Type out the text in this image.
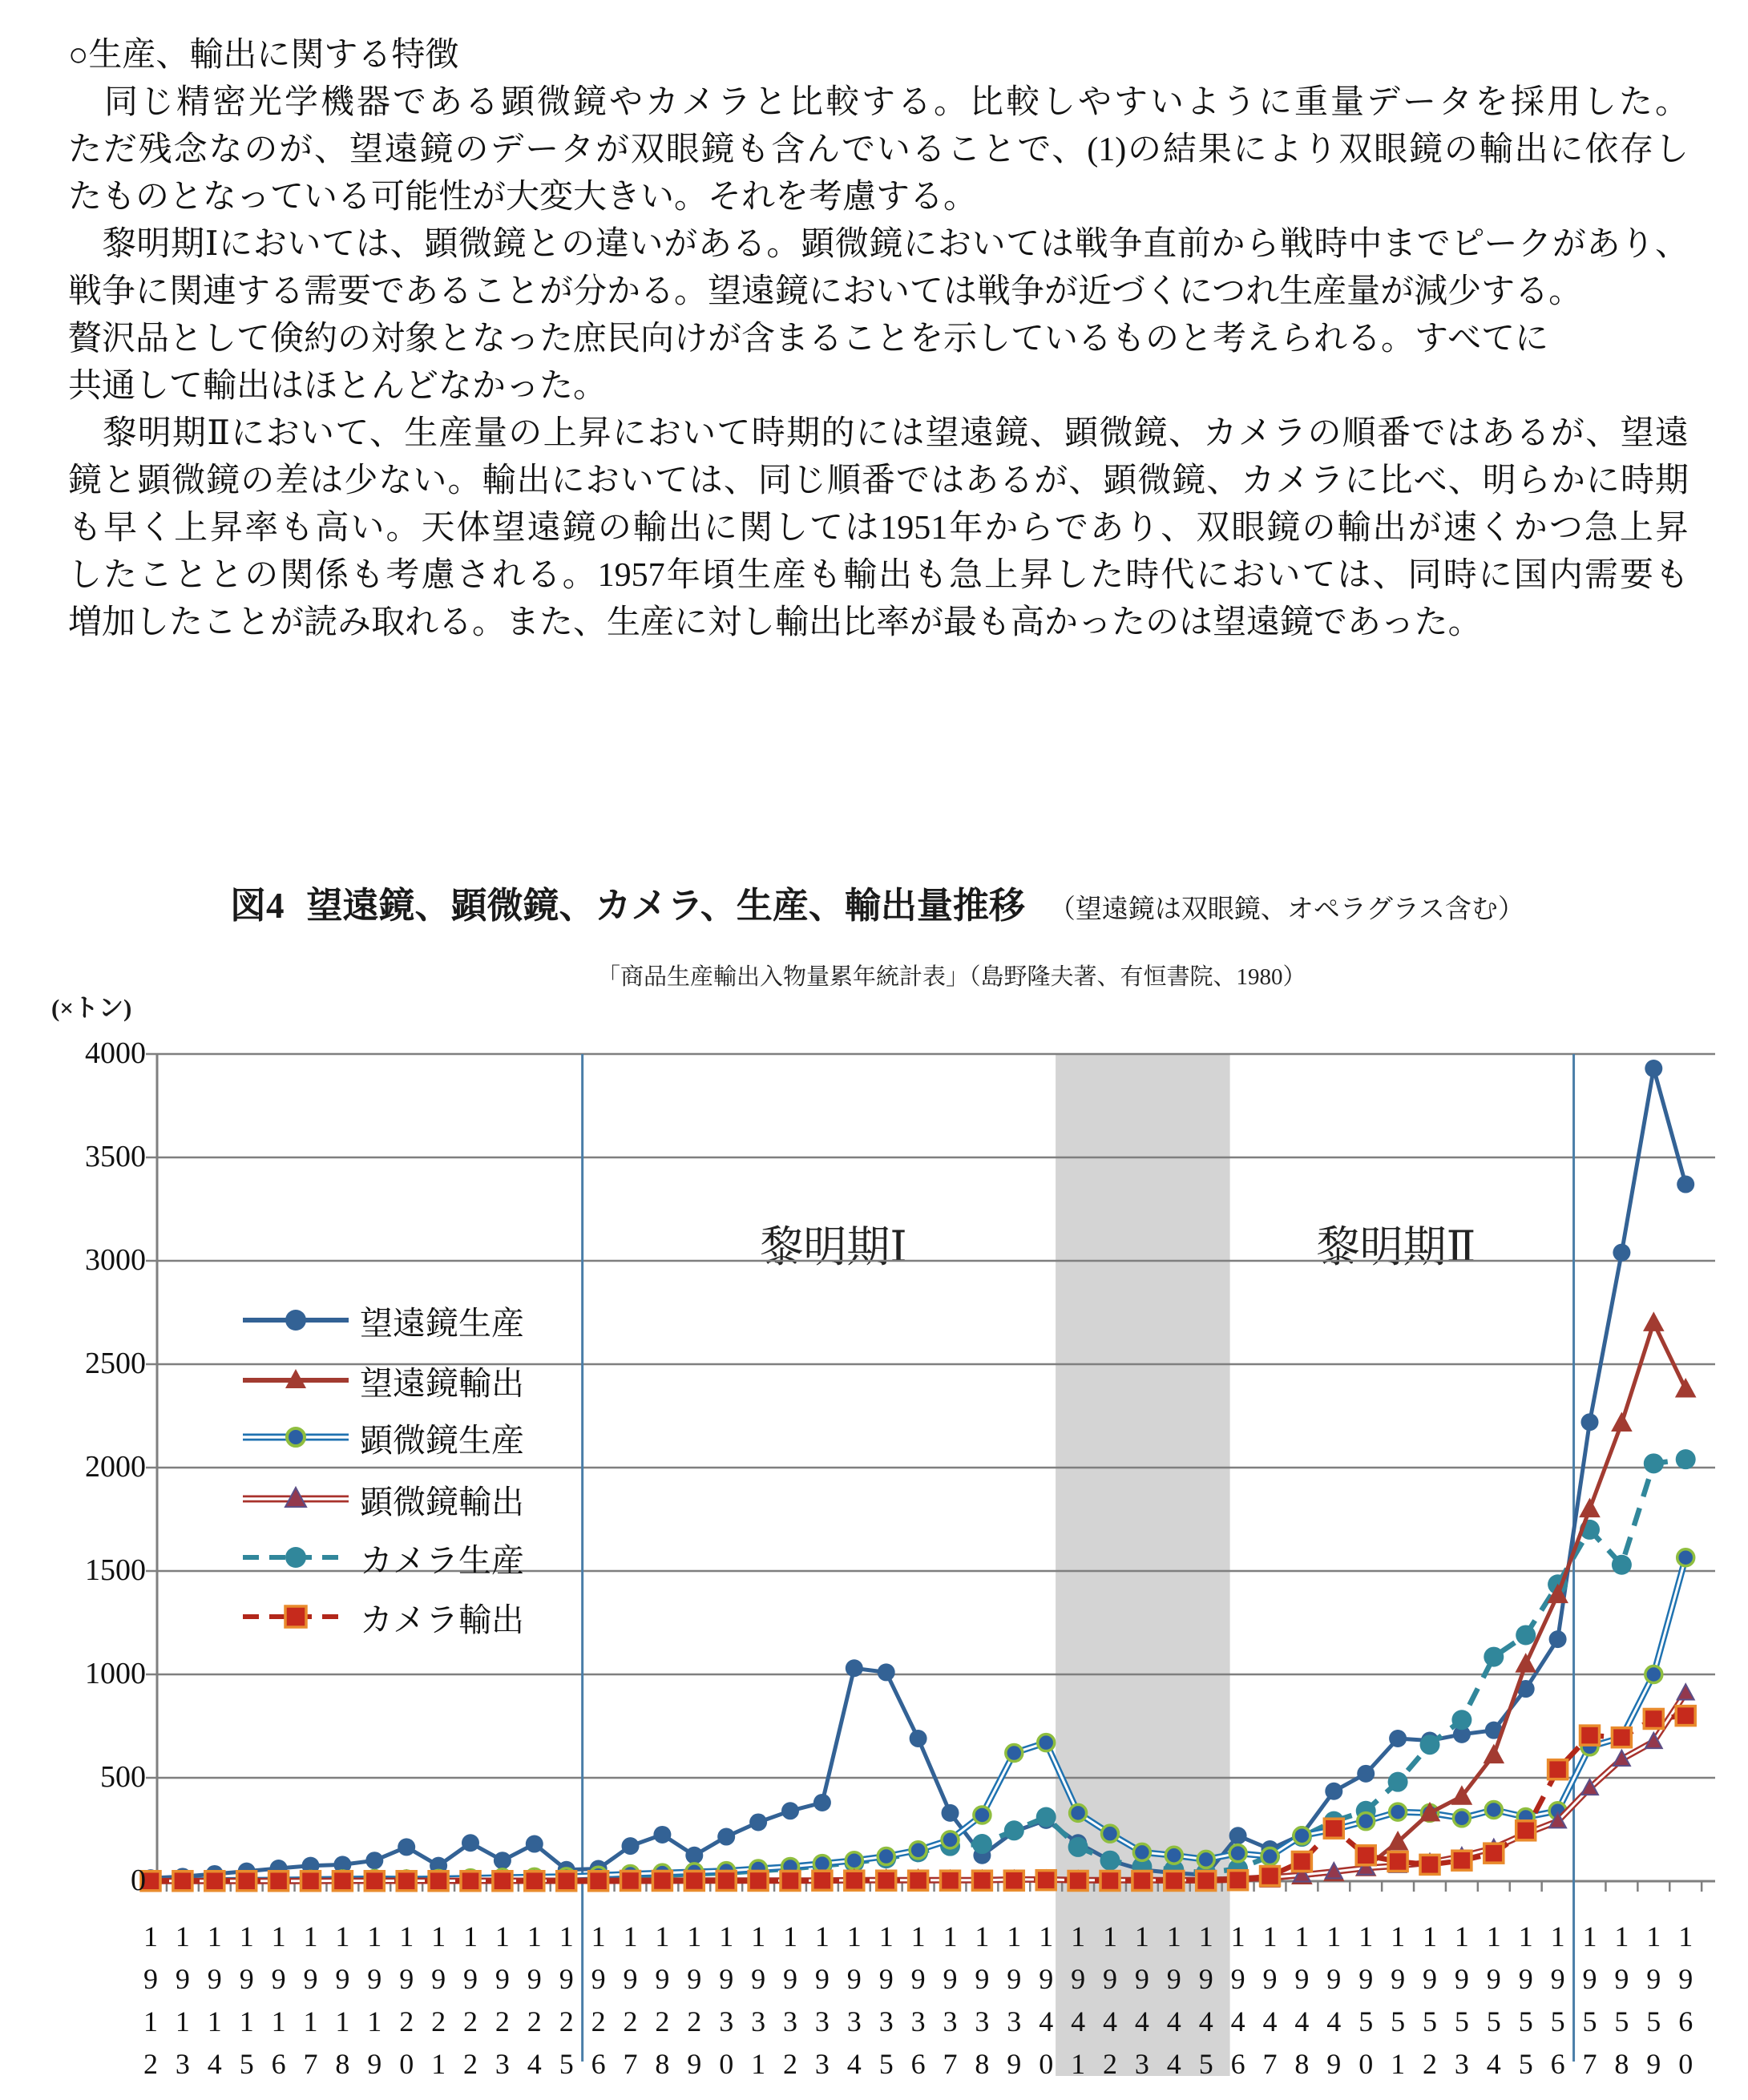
○生産、輸出に関する特徴
　同じ精密光学機器である顕微鏡やカメラと比較する。比較しやすいように重量データを採用した。
ただ残念なのが、望遠鏡のデータが双眼鏡も含んでいることで、(1)の結果により双眼鏡の輸出に依存し
たものとなっている可能性が大変大きい。それを考慮する。
　黎明期Ⅰにおいては、顕微鏡との違いがある。顕微鏡においては戦争直前から戦時中までピークがあり、
戦争に関連する需要であることが分かる。望遠鏡においては戦争が近づくにつれ生産量が減少する。
贅沢品として倹約の対象となった庶民向けが含まることを示しているものと考えられる。すべてに
共通して輸出はほとんどなかった。
　黎明期Ⅱにおいて、生産量の上昇において時期的には望遠鏡、顕微鏡、カメラの順番ではあるが、望遠
鏡と顕微鏡の差は少ない。輸出においては、同じ順番ではあるが、顕微鏡、カメラに比べ、明らかに時期
も早く上昇率も高い。天体望遠鏡の輸出に関しては1951年からであり、双眼鏡の輸出が速くかつ急上昇
したこととの関係も考慮される。1957年頃生産も輸出も急上昇した時代においては、同時に国内需要も
増加したことが読み取れる。また、生産に対し輸出比率が最も高かったのは望遠鏡であった。
図4 望遠鏡、顕微鏡、カメラ、生産、輸出量推移 （望遠鏡は双眼鏡、オペラグラス含む）
「商品生産輸出入物量累年統計表」（島野隆夫著、有恒書院、1980）
(×トン)
黎明期Ⅰ	黎明期Ⅱ
4000
3500
3000
2500
2000
1500
1000
500
0
1
9
1
2
1
9
1
3
1
9
1
4
1
9
1
5
1
9
1
6
1
9
1
7
1
9
1
8
1
9
1
9
1
9
2
0
1
9
2
1
1
9
2
2
1
9
2
3
1
9
2
4
1
9
2
5
1
9
2
6
1
9
2
7
1
9
2
8
1
9
2
9
1
9
3
0
1
9
3
1
1
9
3
2
1
9
3
3
1
9
3
4
1
9
3
5
1
9
3
6
1
9
3
7
1
9
3
8
1
9
3
9
1
9
4
0
1
9
4
1
1
9
4
2
1
9
4
3
1
9
4
4
1
9
4
5
1
9
4
6
1
9
4
7
1
9
4
8
1
9
4
9
1
9
5
0
1
9
5
1
1
9
5
2
1
9
5
3
1
9
5
4
1
9
5
5
1
9
5
6
1
9
5
7
1
9
5
8
1
9
5
9
1
9
6
0
望遠鏡生産
望遠鏡輸出
顕微鏡生産
顕微鏡輸出
カメラ生産
カメラ輸出
